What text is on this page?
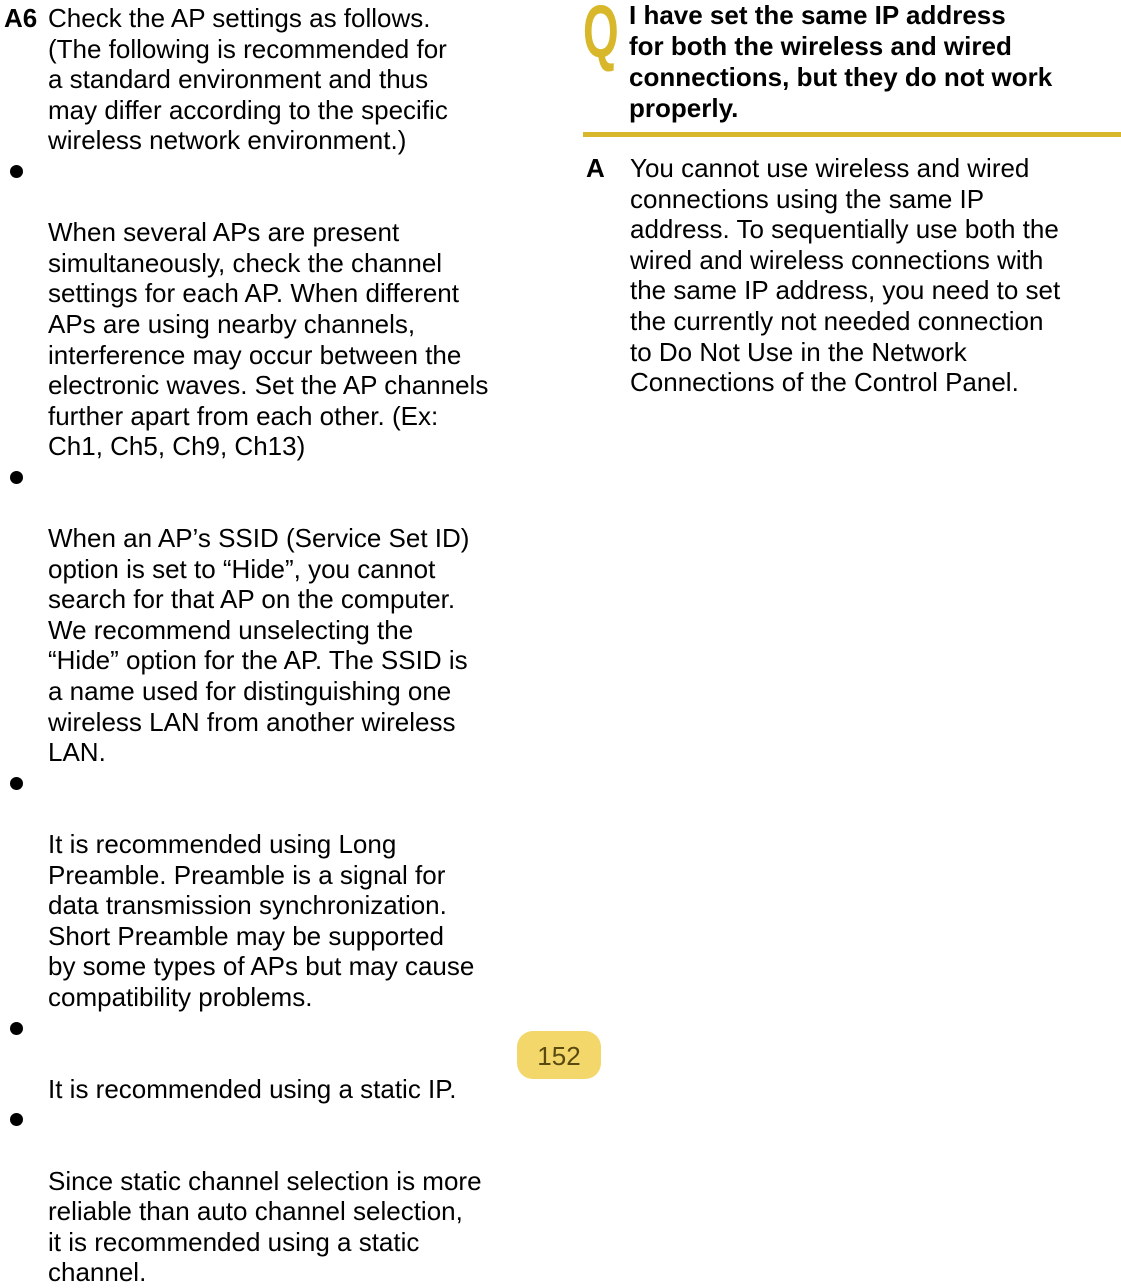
A6 Check the AP settings as follows.
(The following is recommended for
a standard environment and thus
may differ according to the specific
wireless network environment.)

When several APs are present
simultaneously, check the channel
settings for each AP. When different
APs are using nearby channels,
interference may occur between the
electronic waves. Set the AP channels
further apart from each other. (Ex:
Ch1, Ch5, Ch9, Ch13)

When an AP’s SSID (Service Set ID)
option is set to “Hide”, you cannot
search for that AP on the computer.
We recommend unselecting the
“Hide” option for the AP. The SSID is
a name used for distinguishing one
wireless LAN from another wireless
LAN.

It is recommended using Long
Preamble. Preamble is a signal for
data transmission synchronization.
Short Preamble may be supported
by some types of APs but may cause
compatibility problems.

It is recommended using a static IP.

Since static channel selection is more
reliable than auto channel selection,
it is recommended using a static
channel.

Q I have set the same IP address
for both the wireless and wired
connections, but they do not work
properly.
A You cannot use wireless and wired
connections using the same IP
address. To sequentially use both the
wired and wireless connections with
the same IP address, you need to set
the currently not needed connection
to Do Not Use in the Network
Connections of the Control Panel.
152
